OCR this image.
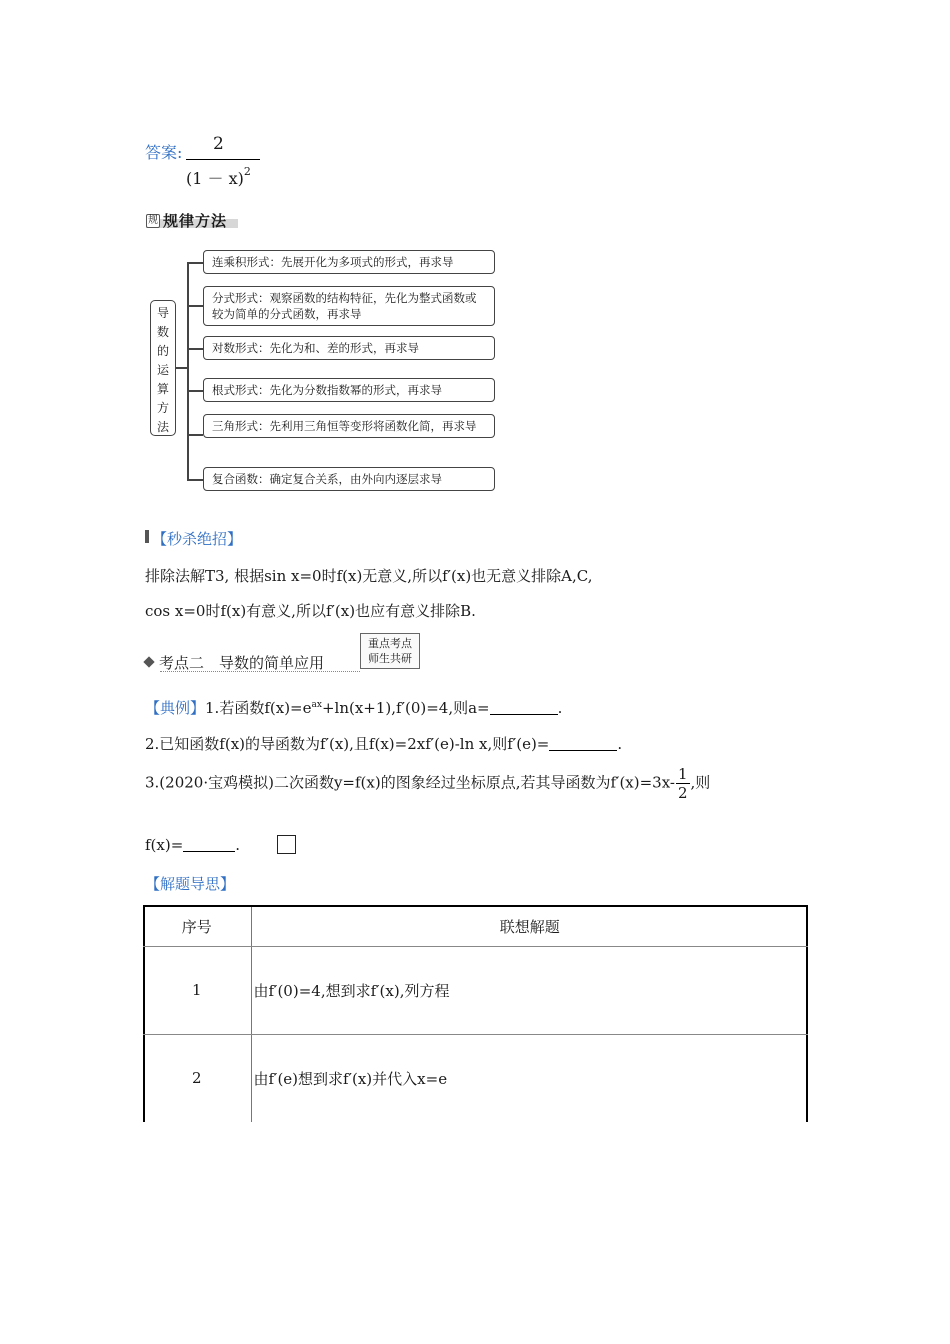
答案: 2
$(1 - x)^2$
规 规律方法
导
数
的
运
算
方
法
连乘积形式：先展开化为多项式的形式，再求导
分式形式：观察函数的结构特征，先化为整式函数或较为简单的分式函数，再求导
对数形式：先化为和、差的形式，再求导
根式形式：先化为分数指数幂的形式，再求导
三角形式：先利用三角恒等变形将函数化简，再求导
复合函数：确定复合关系，由外向内逐层求导
【秒杀绝招】
排除法解T3, 根据sin x=0时f(x)无意义,所以f′(x)也无意义排除A,C,
cos x=0时f(x)有意义,所以f′(x)也应有意义排除B.
考点二　导数的简单应用
重点考点
师生共研
【典例】1.若函数$f(x)=e^{ax}+\ln(x+1),f'(0)=4$,则a=	.
2.已知函数f(x)的导函数为f′(x),且f(x)=2xf′(e)-ln x,则f′(e)=	.
3.(2020·宝鸡模拟)二次函数y=f(x)的图象经过坐标原点,若其导函数为$f'(x)=3x- \frac{1}{2}$ ,则
f(x)=	.
【解题导思】
序号	联想解题
1	由f′(0)=4,想到求f′(x),列方程
2	由f′(e)想到求f′(x)并代入x=e
